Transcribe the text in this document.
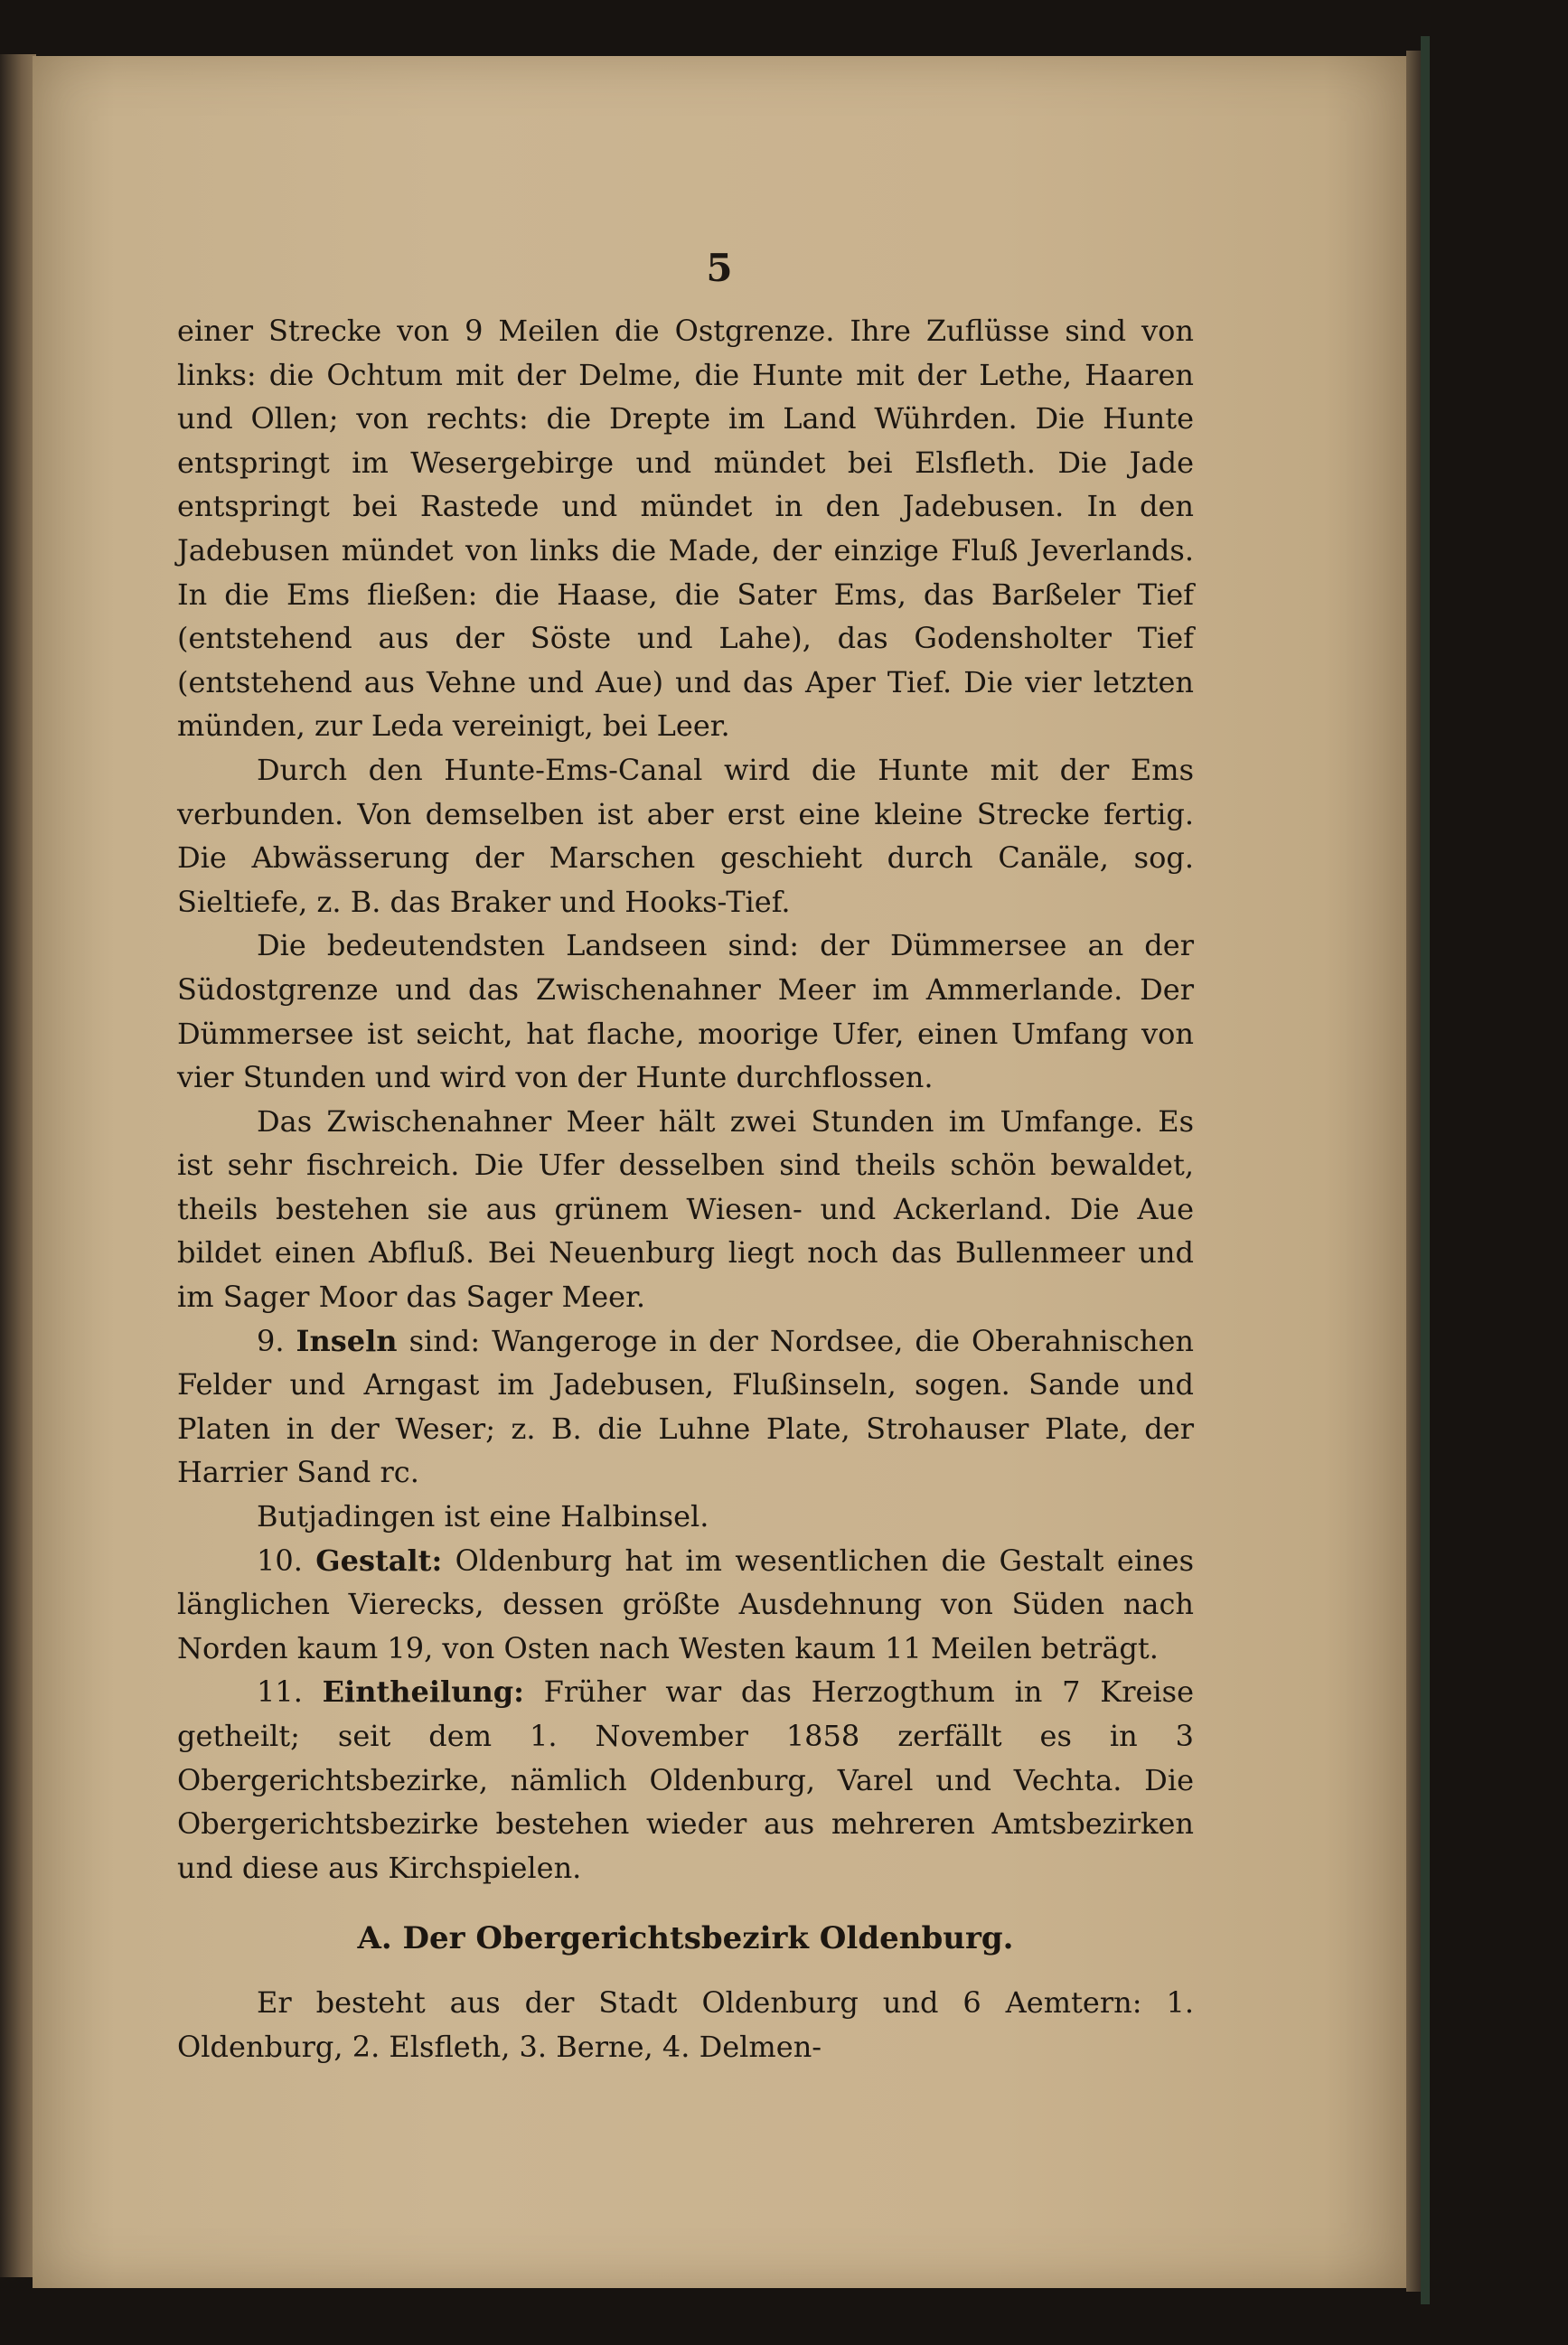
5

einer Strecke von 9 Meilen die Ostgrenze. Ihre Zuflüsse sind von links: die Ochtum mit der Delme, die Hunte mit der Lethe, Haaren und Ollen; von rechts: die Drepte im Land Wührden. Die Hunte entspringt im Wesergebirge und mündet bei Elsfleth. Die Jade entspringt bei Rastede und mündet in den Jadebusen. In den Jadebusen mündet von links die Made, der einzige Fluß Jeverlands. In die Ems fließen: die Haase, die Sater Ems, das Barßeler Tief (entstehend aus der Söste und Lahe), das Godensholter Tief (entstehend aus Vehne und Aue) und das Aper Tief. Die vier letzten münden, zur Leda vereinigt, bei Leer.

Durch den Hunte-Ems-Canal wird die Hunte mit der Ems verbunden. Von demselben ist aber erst eine kleine Strecke fertig. Die Abwässerung der Marschen geschieht durch Canäle, sog. Sieltiefe, z. B. das Braker und Hooks-Tief.

Die bedeutendsten Landseen sind: der Dümmersee an der Südostgrenze und das Zwischenahner Meer im Ammerlande. Der Dümmersee ist seicht, hat flache, moorige Ufer, einen Umfang von vier Stunden und wird von der Hunte durchflossen.

Das Zwischenahner Meer hält zwei Stunden im Umfange. Es ist sehr fischreich. Die Ufer desselben sind theils schön bewaldet, theils bestehen sie aus grünem Wiesen- und Ackerland. Die Aue bildet einen Abfluß. Bei Neuenburg liegt noch das Bullenmeer und im Sager Moor das Sager Meer.

9. Inseln sind: Wangeroge in der Nordsee, die Oberahnischen Felder und Arngast im Jadebusen, Flußinseln, sogen. Sande und Platen in der Weser; z. B. die Luhne Plate, Strohauser Plate, der Harrier Sand rc.

Butjadingen ist eine Halbinsel.

10. Gestalt: Oldenburg hat im wesentlichen die Gestalt eines länglichen Vierecks, dessen größte Ausdehnung von Süden nach Norden kaum 19, von Osten nach Westen kaum 11 Meilen beträgt.

11. Eintheilung: Früher war das Herzogthum in 7 Kreise getheilt; seit dem 1. November 1858 zerfällt es in 3 Obergerichtsbezirke, nämlich Oldenburg, Varel und Vechta. Die Obergerichtsbezirke bestehen wieder aus mehreren Amtsbezirken und diese aus Kirchspielen.

A. Der Obergerichtsbezirk Oldenburg.

Er besteht aus der Stadt Oldenburg und 6 Aemtern: 1. Oldenburg, 2. Elsfleth, 3. Berne, 4. Delmen-
